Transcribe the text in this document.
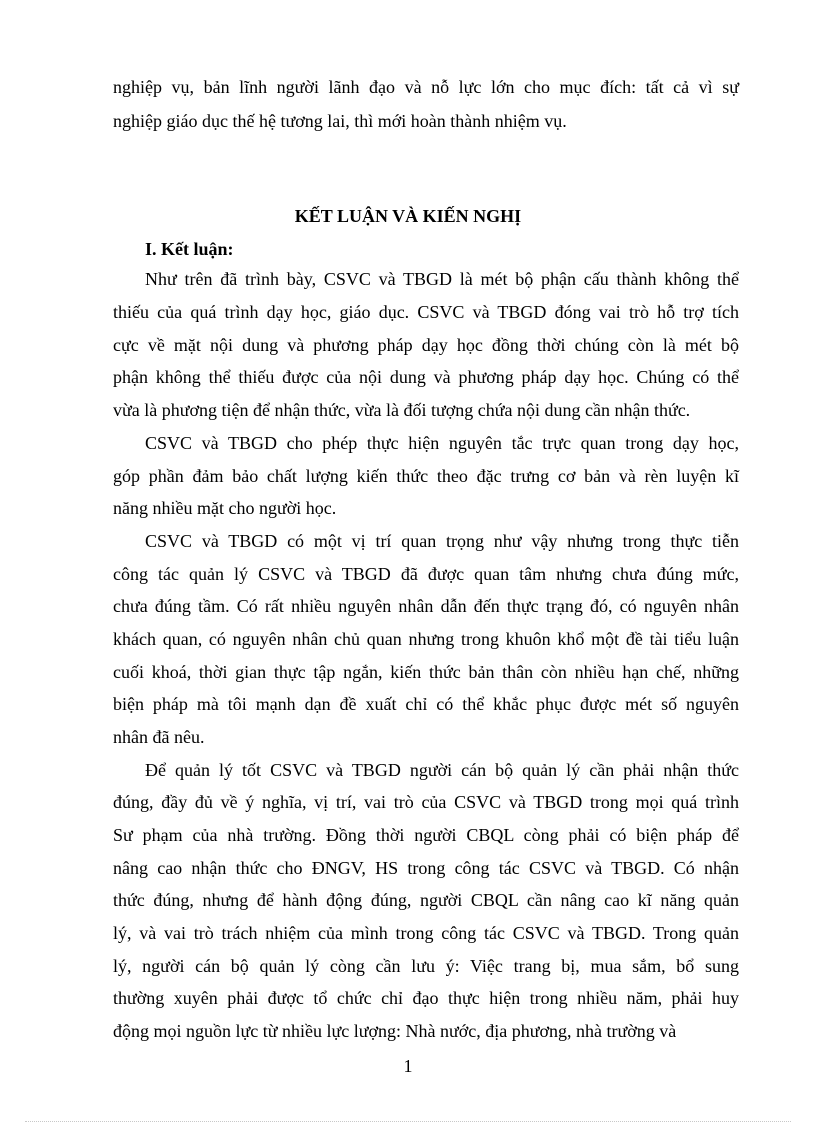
nghiệp vụ, bản lĩnh người lãnh đạo và nỗ lực lớn cho mục đích: tất cả vì sự
nghiệp giáo dục thế hệ tương lai, thì mới hoàn thành nhiệm vụ.
KẾT LUẬN VÀ KIẾN NGHỊ
I. Kết luận:
Như trên đã trình bày, CSVC và TBGD là mét bộ phận cấu thành không thể
thiếu của quá trình dạy học, giáo dục. CSVC và TBGD đóng vai trò hỗ trợ tích
cực về mặt nội dung và phương pháp dạy học đồng thời chúng còn là mét bộ
phận không thể thiếu được của nội dung và phương pháp dạy học. Chúng có thể
vừa là phương tiện để nhận thức, vừa là đối tượng chứa nội dung cần nhận thức.
CSVC và TBGD cho phép thực hiện nguyên tắc trực quan trong dạy học,
góp phần đảm bảo chất lượng kiến thức theo đặc trưng cơ bản và rèn luyện kĩ
năng nhiều mặt cho người học.
CSVC và TBGD có một vị trí quan trọng như vậy nhưng trong thực tiễn
công tác quản lý CSVC và TBGD đã được quan tâm nhưng chưa đúng mức,
chưa đúng tầm. Có rất nhiều nguyên nhân dẫn đến thực trạng đó, có nguyên nhân
khách quan, có nguyên nhân chủ quan nhưng trong khuôn khổ một đề tài tiểu luận
cuối khoá, thời gian thực tập ngắn, kiến thức bản thân còn nhiều hạn chế, những
biện pháp mà tôi mạnh dạn đề xuất chỉ có thể khắc phục được mét số nguyên
nhân đã nêu.
Để quản lý tốt CSVC và TBGD người cán bộ quản lý cần phải nhận thức
đúng, đầy đủ về ý nghĩa, vị trí, vai trò của CSVC và TBGD trong mọi quá trình
Sư phạm của nhà trường. Đồng thời người CBQL còng phải có biện pháp để
nâng cao nhận thức cho ĐNGV, HS trong công tác CSVC và TBGD. Có nhận
thức đúng, nhưng để hành động đúng, người CBQL cần nâng cao kĩ năng quản
lý, và vai trò trách nhiệm của mình trong công tác CSVC và TBGD. Trong quản
lý, người cán bộ quản lý còng cần lưu ý: Việc trang bị, mua sắm, bổ sung
thường xuyên phải được tổ chức chỉ đạo thực hiện trong nhiều năm, phải huy
động mọi nguồn lực từ nhiều lực lượng: Nhà nước, địa phương, nhà trường và
1
